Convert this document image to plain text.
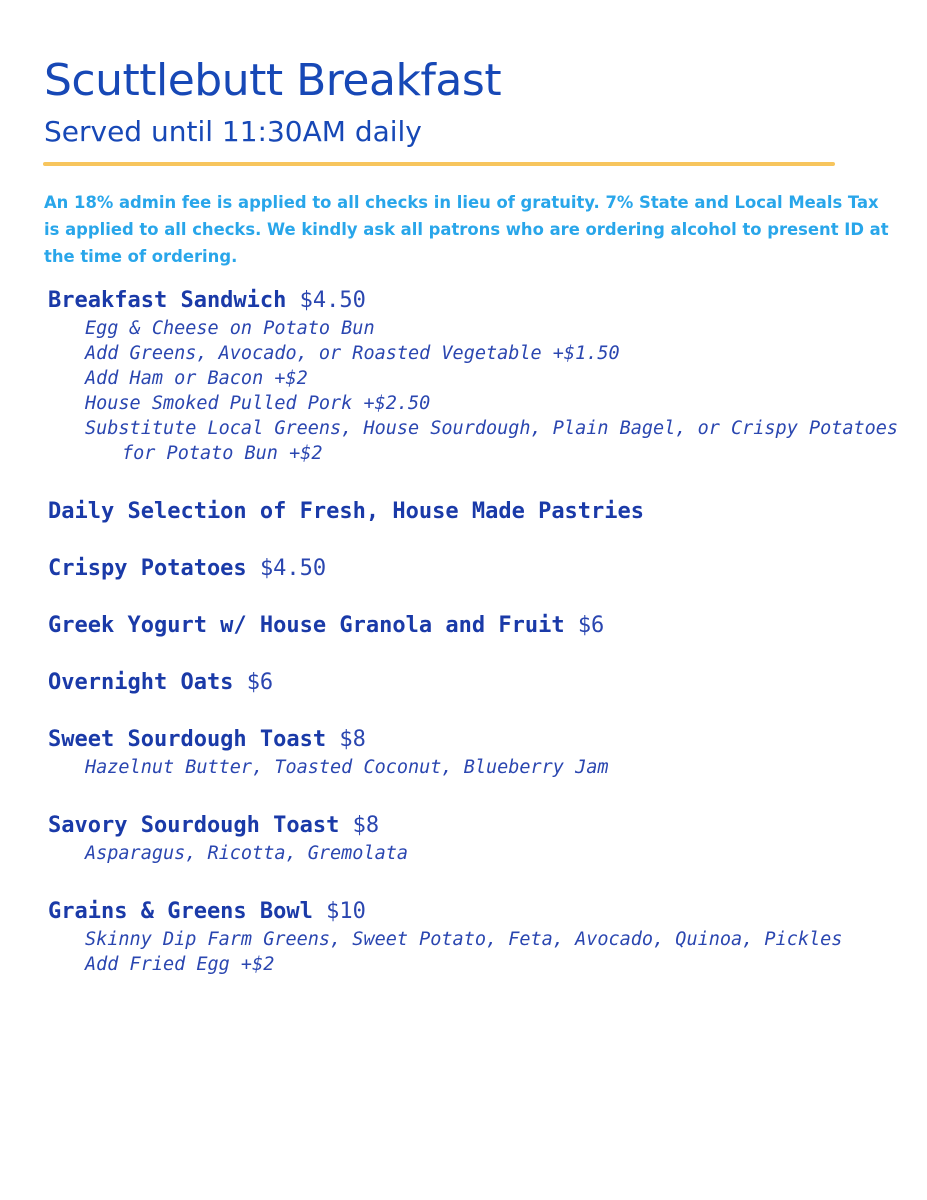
Scuttlebutt Breakfast
Served until 11:30AM daily

An 18% admin fee is applied to all checks in lieu of gratuity. 7% State and Local Meals Tax is applied to all checks. We kindly ask all patrons who are ordering alcohol to present ID at the time of ordering.

Breakfast Sandwich $4.50
Egg & Cheese on Potato Bun
Add Greens, Avocado, or Roasted Vegetable +$1.50
Add Ham or Bacon +$2
House Smoked Pulled Pork +$2.50
Substitute Local Greens, House Sourdough, Plain Bagel, or Crispy Potatoes for Potato Bun +$2
Daily Selection of Fresh, House Made Pastries
Crispy Potatoes $4.50
Greek Yogurt w/ House Granola and Fruit $6
Overnight Oats $6
Sweet Sourdough Toast $8
Hazelnut Butter, Toasted Coconut, Blueberry Jam
Savory Sourdough Toast $8
Asparagus, Ricotta, Gremolata
Grains & Greens Bowl $10
Skinny Dip Farm Greens, Sweet Potato, Feta, Avocado, Quinoa, Pickles
Add Fried Egg +$2
